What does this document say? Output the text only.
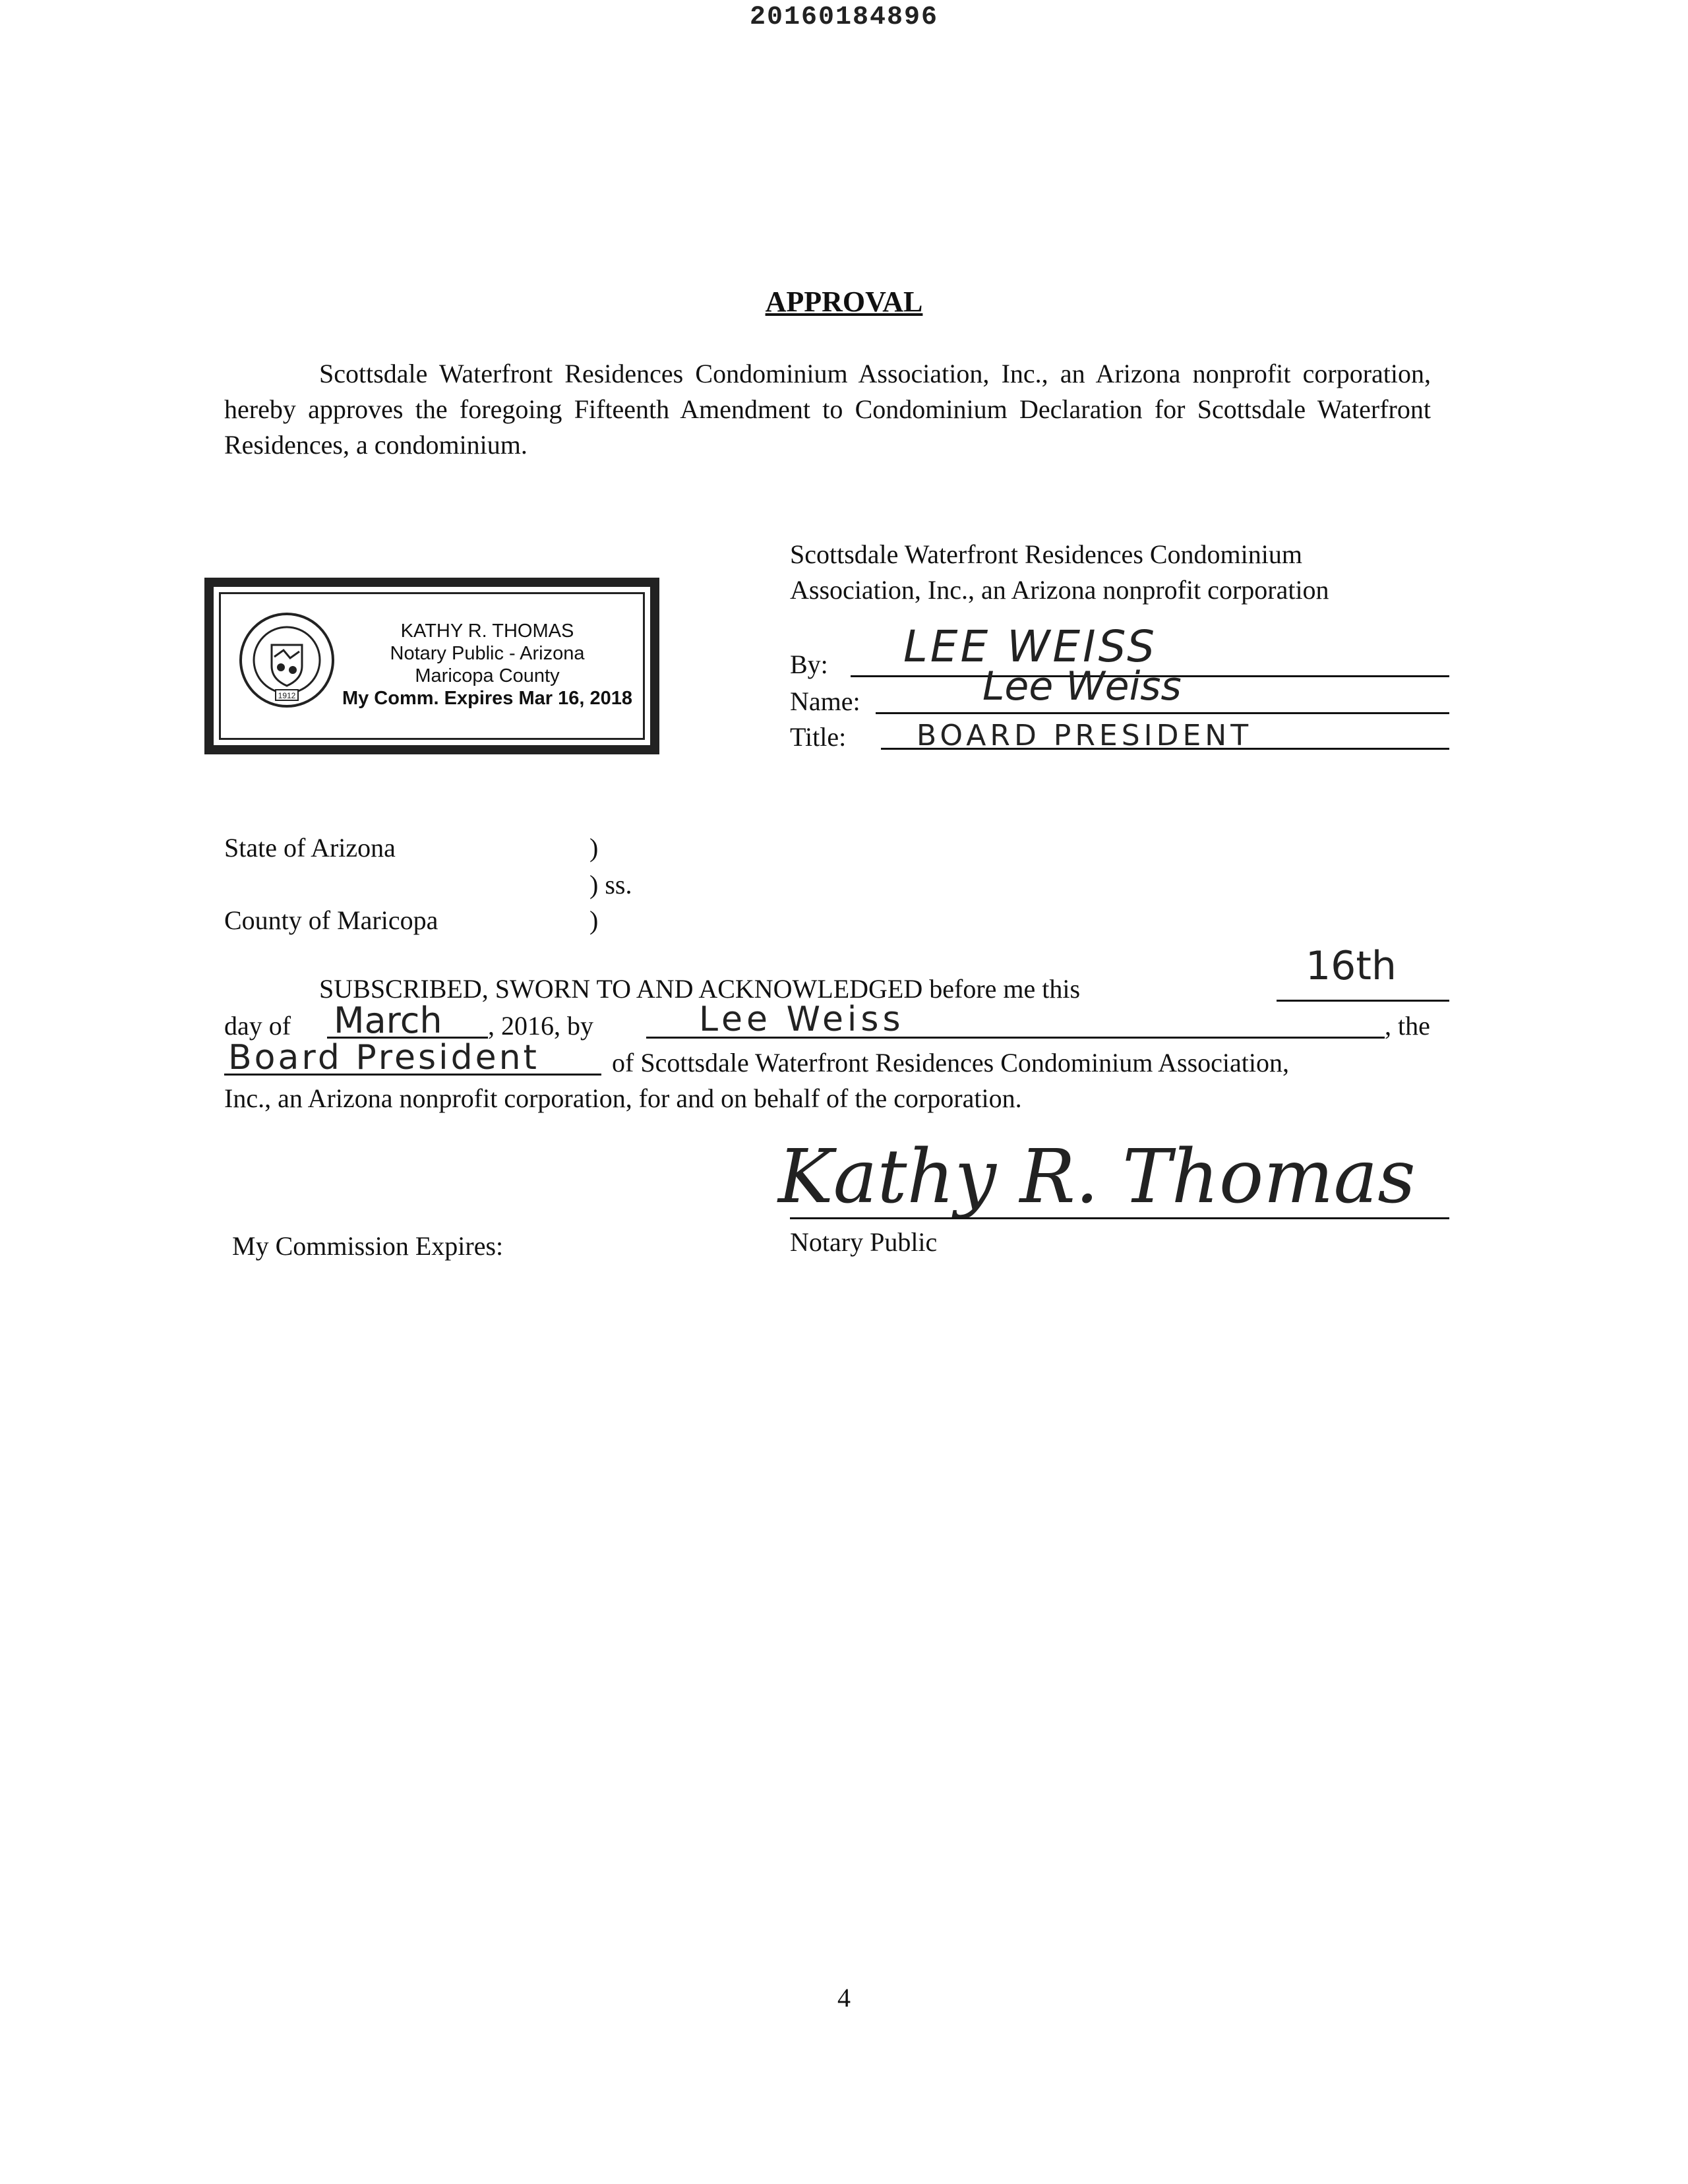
20160184896
APPROVAL
Scottsdale Waterfront Residences Condominium Association, Inc., an Arizona nonprofit corporation, hereby approves the foregoing Fifteenth Amendment to Condominium Declaration for Scottsdale Waterfront Residences, a condominium.
Scottsdale Waterfront Residences Condominium
Association, Inc., an Arizona nonprofit corporation
By: LEE WEISS
Name:	Lee Weiss
Title: BOARD PRESIDENT
1912
KATHY R. THOMAS
Notary Public - Arizona
Maricopa County
My Comm. Expires Mar 16, 2018
State of Arizona	)
) ss.
County of Maricopa	)
SUBSCRIBED, SWORN TO AND ACKNOWLEDGED before me this	16th
day of March , 2016, by	Lee Weiss	, the
Board President	of Scottsdale Waterfront Residences Condominium Association,
Inc., an Arizona nonprofit corporation, for and on behalf of the corporation.
Kathy R. Thomas
Notary Public
My Commission Expires:
4
